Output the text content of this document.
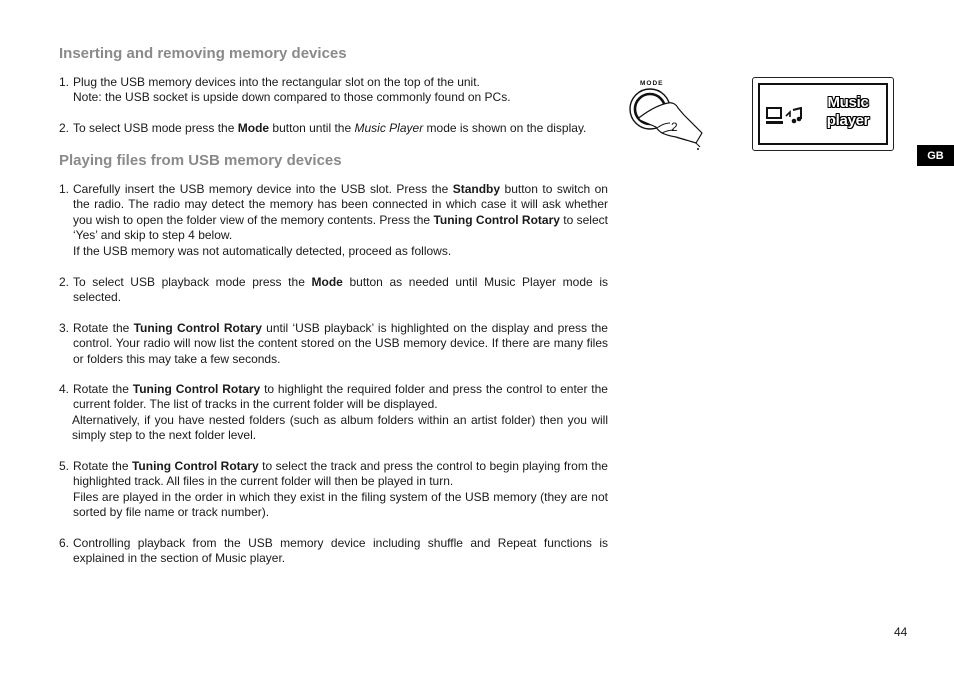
Inserting and removing memory devices
1. Plug the USB memory devices into the rectangular slot on the top of the unit.
Note: the USB socket is upside down compared to those commonly found on PCs.
2. To select USB mode press the Mode button until the Music Player mode is shown on the display.
Playing files from USB memory devices
1. Carefully insert the USB memory device into the USB slot. Press the Standby button to switch on the radio. The radio may detect the memory has been connected in which case it will ask whether you wish to open the folder view of the memory contents. Press the Tuning Control Rotary to select ‘Yes’ and skip to step 4 below.
If the USB memory was not automatically detected, proceed as follows.
2. To select USB playback mode press the Mode button as needed until Music Player mode is selected.
3. Rotate the Tuning Control Rotary until ‘USB playback’ is highlighted on the display and press the control. Your radio will now list the content stored on the USB memory device. If there are many files or folders this may take a few seconds.
4. Rotate the Tuning Control Rotary to highlight the required folder and press the control to enter the current folder. The list of tracks in the current folder will be displayed.
Alternatively, if you have nested folders (such as album folders within an artist folder) then you will simply step to the next folder level.
5. Rotate the Tuning Control Rotary to select the track and press the control to begin playing from the highlighted track. All files in the current folder will then be played in turn.
Files are played in the order in which they exist in the filing system of the USB memory (they are not sorted by file name or track number).
6. Controlling playback from the USB memory device including shuffle and Repeat functions is explained in the section of Music player.
MODE
2
Music
player
GB
44
